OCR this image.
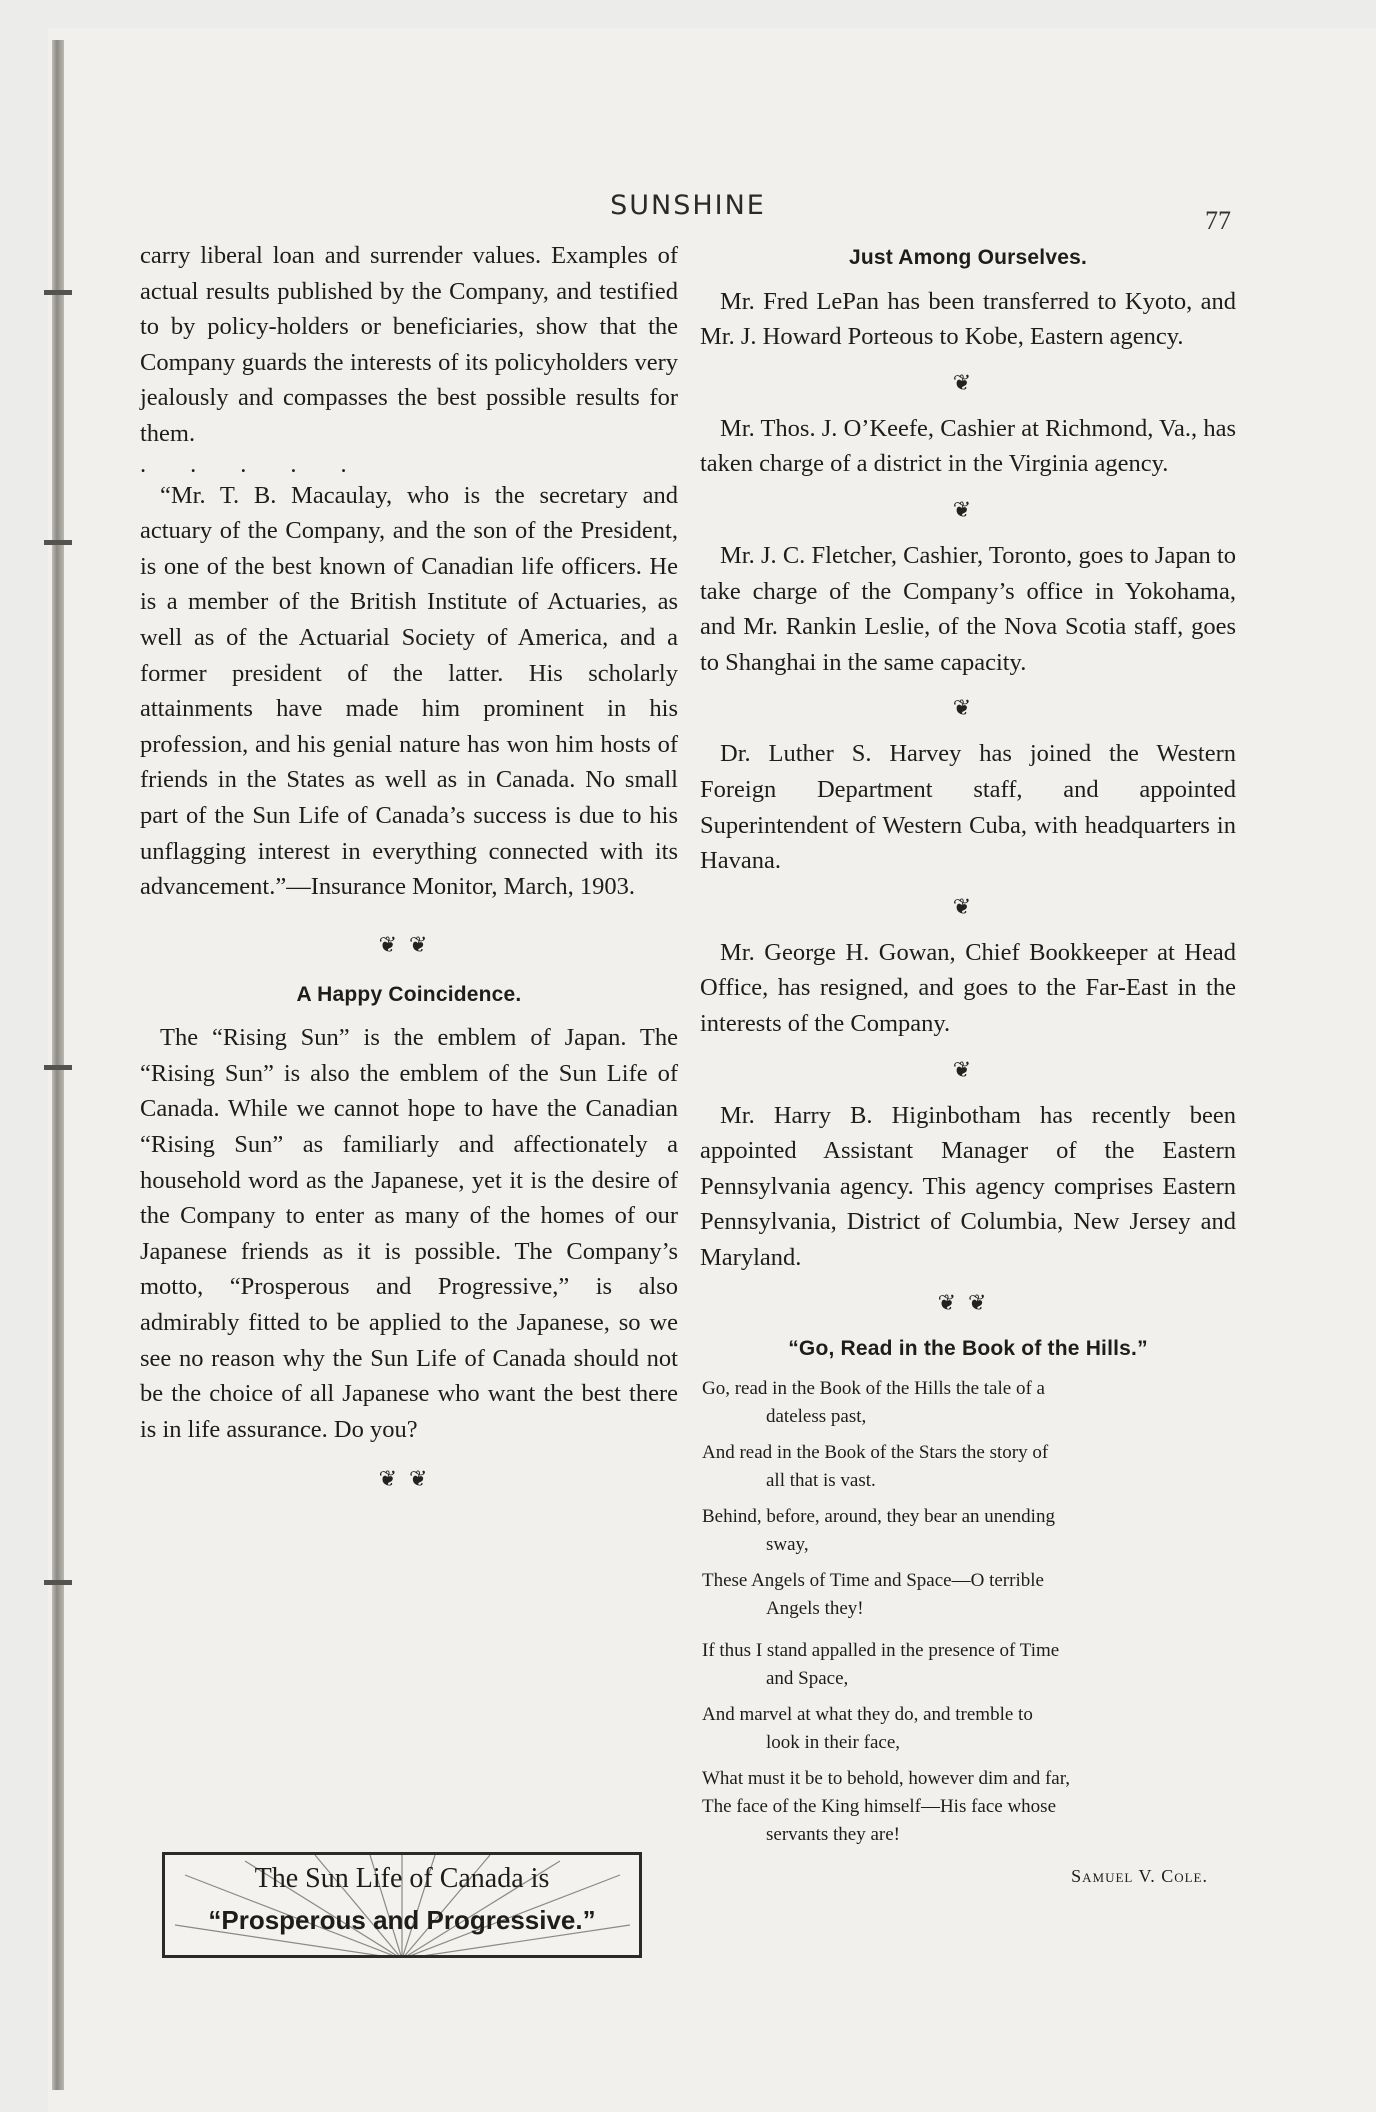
SUNSHINE	77

carry liberal loan and surrender values. Examples of actual results published by the Company, and testified to by policy-holders or beneficiaries, show that the Company guards the interests of its policyholders very jealously and compasses the best possible results for them.

.....

“Mr. T. B. Macaulay, who is the secretary and actuary of the Company, and the son of the President, is one of the best known of Canadian life officers. He is a member of the British Institute of Actuaries, as well as of the Actuarial Society of America, and a former president of the latter. His scholarly attainments have made him prominent in his profession, and his genial nature has won him hosts of friends in the States as well as in Canada. No small part of the Sun Life of Canada’s success is due to his unflagging interest in everything connected with its advancement.”—Insurance Monitor, March, 1903.

❦❦
A Happy Coincidence.

The “Rising Sun” is the emblem of Japan. The “Rising Sun” is also the emblem of the Sun Life of Canada. While we cannot hope to have the Canadian “Rising Sun” as familiarly and affectionately a household word as the Japanese, yet it is the desire of the Company to enter as many of the homes of our Japanese friends as it is possible. The Company’s motto, “Prosperous and Progressive,” is also admirably fitted to be applied to the Japanese, so we see no reason why the Sun Life of Canada should not be the choice of all Japanese who want the best there is in life assurance. Do you?

❦❦
The Sun Life of Canada is
“Prosperous and Progressive.”
Just Among Ourselves.

Mr. Fred LePan has been transferred to Kyoto, and Mr. J. Howard Porteous to Kobe, Eastern agency.

❦

Mr. Thos. J. O’Keefe, Cashier at Richmond, Va., has taken charge of a district in the Virginia agency.

❦

Mr. J. C. Fletcher, Cashier, Toronto, goes to Japan to take charge of the Company’s office in Yokohama, and Mr. Rankin Leslie, of the Nova Scotia staff, goes to Shanghai in the same capacity.

❦

Dr. Luther S. Harvey has joined the Western Foreign Department staff, and appointed Superintendent of Western Cuba, with headquarters in Havana.

❦

Mr. George H. Gowan, Chief Bookkeeper at Head Office, has resigned, and goes to the Far-East in the interests of the Company.

❦

Mr. Harry B. Higinbotham has recently been appointed Assistant Manager of the Eastern Pennsylvania agency. This agency comprises Eastern Pennsylvania, District of Columbia, New Jersey and Maryland.

❦❦
“Go, Read in the Book of the Hills.”
Go, read in the Book of the Hills the tale of a
dateless past,
And read in the Book of the Stars the story of
all that is vast.
Behind, before, around, they bear an unending
sway,
These Angels of Time and Space—O terrible
Angels they!
If thus I stand appalled in the presence of Time
and Space,
And marvel at what they do, and tremble to
look in their face,
What must it be to behold, however dim and far,
The face of the King himself—His face whose
servants they are!
Samuel V. Cole.
